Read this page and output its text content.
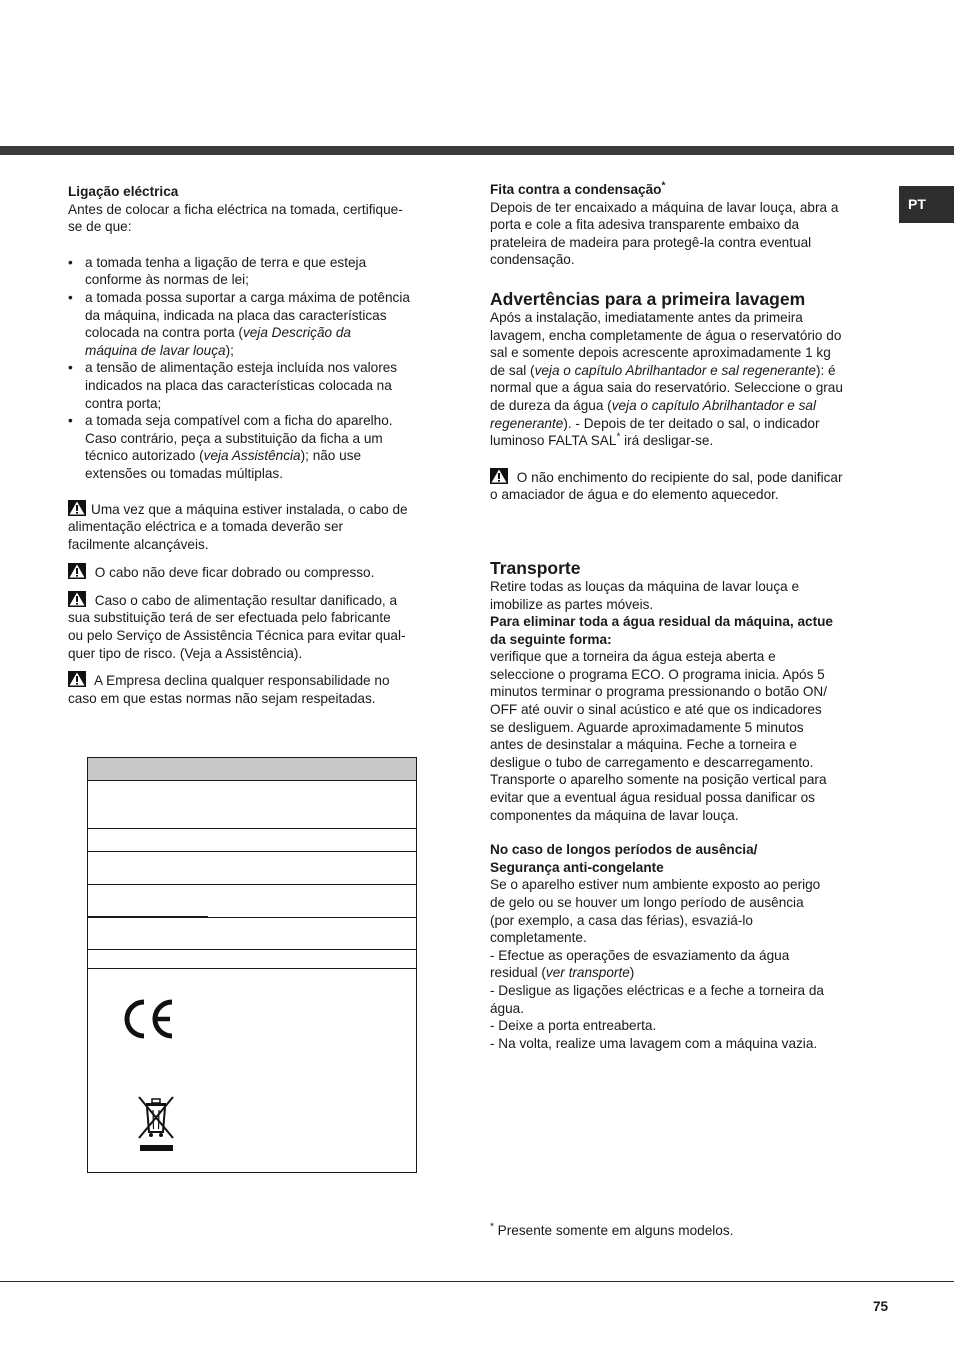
PT

Ligação eléctrica

Antes de colocar a ficha eléctrica na tomada, certifique-

se de que:

• a tomada tenha a ligação de terra e que esteja
conforme às normas de lei;
• a tomada possa suportar a carga máxima de potência
da máquina, indicada na placa das características
colocada na contra porta (veja Descrição da
máquina de lavar louça);
• a tensão de alimentação esteja incluída nos valores
indicados na placa das características colocada na
contra porta;
• a tomada seja compatível com a ficha do aparelho.
Caso contrário, peça a substituição da ficha a um
técnico autorizado (veja Assistência); não use
extensões ou tomadas múltiplas.

Uma vez que a máquina estiver instalada, o cabo de
alimentação eléctrica e a tomada deverão ser
facilmente alcançáveis.

O cabo não deve ficar dobrado ou compresso.

Caso o cabo de alimentação resultar danificado, a
sua substituição terá de ser efectuada pelo fabricante
ou pelo Serviço de Assistência Técnica para evitar qual-
quer tipo de risco. (Veja a Assistência).

A Empresa declina qualquer responsabilidade no
caso em que estas normas não sejam respeitadas.

Fita contra a condensação*

Depois de ter encaixado a máquina de lavar louça, abra a

porta e cole a fita adesiva transparente embaixo da

prateleira de madeira para protegê-la contra eventual

condensação.

Advertências para a primeira lavagem

Após a instalação, imediatamente antes da primeira

lavagem, encha completamente de água o reservatório do

sal e somente depois acrescente aproximadamente 1 kg

de sal (veja o capítulo Abrilhantador e sal regenerante): é

normal que a água saia do reservatório. Seleccione o grau

de dureza da água (veja o capítulo Abrilhantador e sal

regenerante). - Depois de ter deitado o sal, o indicador

luminoso FALTA SAL* irá desligar-se.

O não enchimento do recipiente do sal, pode danificar
o amaciador de água e do elemento aquecedor.

Transporte

Retire todas as louças da máquina de lavar louça e

imobilize as partes móveis.

Para eliminar toda a água residual da máquina, actue

da seguinte forma:

verifique que a torneira da água esteja aberta e

seleccione o programa ECO. O programa inicia. Após 5

minutos terminar o programa pressionando o botão ON/

OFF até ouvir o sinal acústico e até que os indicadores

se desliguem. Aguarde aproximadamente 5 minutos

antes de desinstalar a máquina. Feche a torneira e

desligue o tubo de carregamento e descarregamento.

Transporte o aparelho somente na posição vertical para

evitar que a eventual água residual possa danificar os

componentes da máquina de lavar louça.

No caso de longos períodos de ausência/

Segurança anti-congelante

Se o aparelho estiver num ambiente exposto ao perigo

de gelo ou se houver um longo período de ausência

(por exemplo, a casa das férias), esvaziá-lo

completamente.

- Efectue as operações de esvaziamento da água

residual (ver transporte)

- Desligue as ligações eléctricas e a feche a torneira da

água.

- Deixe a porta entreaberta.

- Na volta, realize uma lavagem com a máquina vazia.

* Presente somente em alguns modelos.

75
